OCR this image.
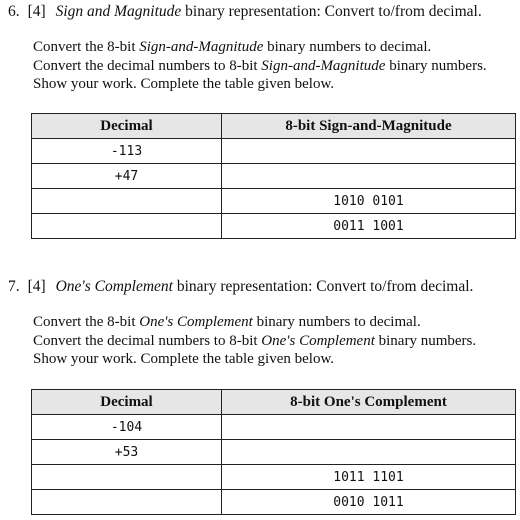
6. [4] Sign and Magnitude binary representation: Convert to/from decimal.
Convert the 8-bit Sign-and-Magnitude binary numbers to decimal.
Convert the decimal numbers to 8-bit Sign-and-Magnitude binary numbers.
Show your work. Complete the table given below.
Decimal	8-bit Sign-and-Magnitude
-113	
+47	
	1010 0101
	0011 1001
7. [4] One's Complement binary representation: Convert to/from decimal.
Convert the 8-bit One's Complement binary numbers to decimal.
Convert the decimal numbers to 8-bit One's Complement binary numbers.
Show your work. Complete the table given below.
Decimal	8-bit One's Complement
-104	
+53	
	1011 1101
	0010 1011
